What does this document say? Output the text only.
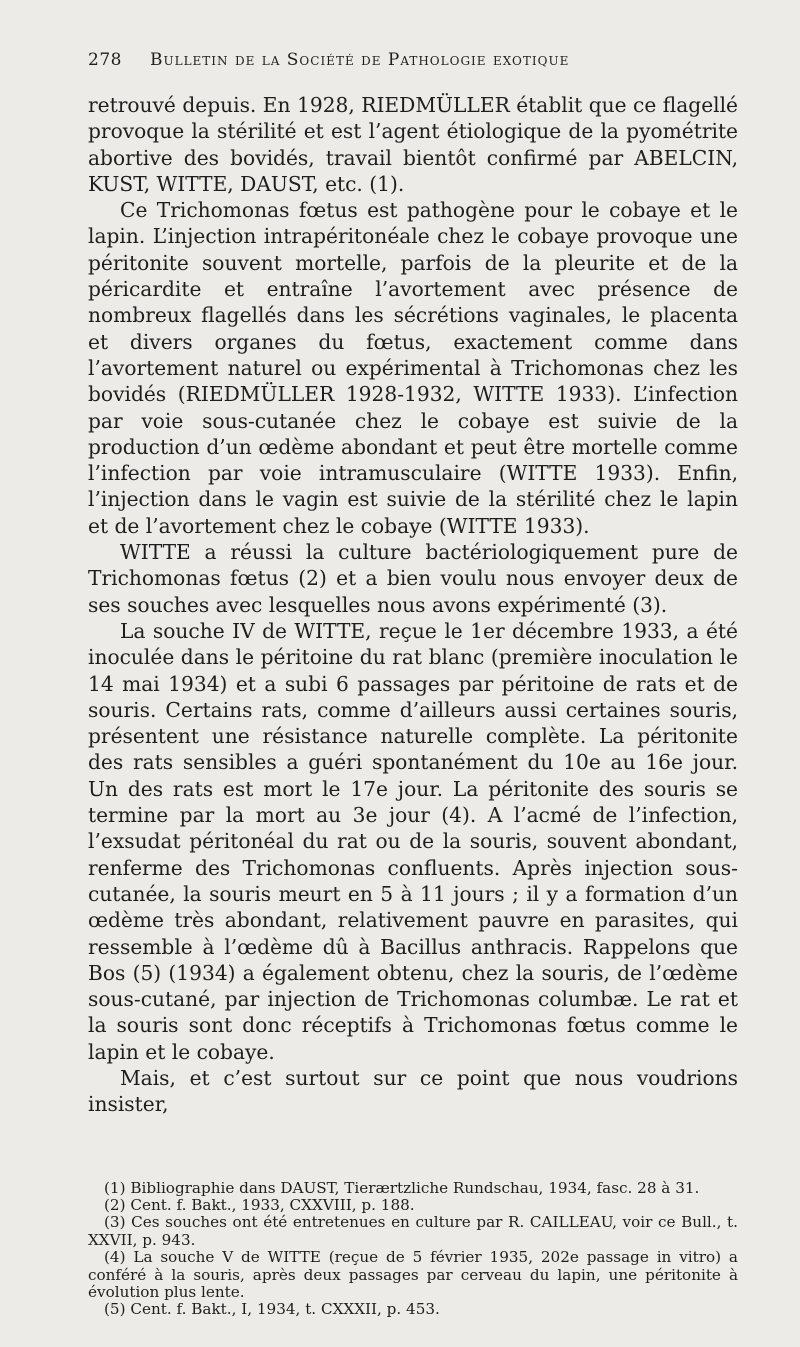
278	Bulletin de la Société de Pathologie exotique

retrouvé depuis. En 1928, RIEDMÜLLER établit que ce flagellé provoque la stérilité et est l’agent étiologique de la pyométrite abortive des bovidés, travail bientôt confirmé par ABELCIN, KUST, WITTE, DAUST, etc. (1).

Ce Trichomonas fœtus est pathogène pour le cobaye et le lapin. L’injection intrapéritonéale chez le cobaye provoque une péritonite souvent mortelle, parfois de la pleurite et de la péricardite et entraîne l’avortement avec présence de nombreux flagellés dans les sécrétions vaginales, le placenta et divers organes du fœtus, exactement comme dans l’avortement naturel ou expérimental à Trichomonas chez les bovidés (RIEDMÜLLER 1928-1932, WITTE 1933). L’infection par voie sous-cutanée chez le cobaye est suivie de la production d’un œdème abondant et peut être mortelle comme l’infection par voie intramusculaire (WITTE 1933). Enfin, l’injection dans le vagin est suivie de la stérilité chez le lapin et de l’avortement chez le cobaye (WITTE 1933).

WITTE a réussi la culture bactériologiquement pure de Trichomonas fœtus (2) et a bien voulu nous envoyer deux de ses souches avec lesquelles nous avons expérimenté (3).

La souche IV de WITTE, reçue le 1er décembre 1933, a été inoculée dans le péritoine du rat blanc (première inoculation le 14 mai 1934) et a subi 6 passages par péritoine de rats et de souris. Certains rats, comme d’ailleurs aussi certaines souris, présentent une résistance naturelle complète. La péritonite des rats sensibles a guéri spontanément du 10e au 16e jour. Un des rats est mort le 17e jour. La péritonite des souris se termine par la mort au 3e jour (4). A l’acmé de l’infection, l’exsudat péritonéal du rat ou de la souris, souvent abondant, renferme des Trichomonas confluents. Après injection sous-cutanée, la souris meurt en 5 à 11 jours ; il y a formation d’un œdème très abondant, relativement pauvre en parasites, qui ressemble à l’œdème dû à Bacillus anthracis. Rappelons que Bos (5) (1934) a également obtenu, chez la souris, de l’œdème sous-cutané, par injection de Trichomonas columbæ. Le rat et la souris sont donc réceptifs à Trichomonas fœtus comme le lapin et le cobaye.

Mais, et c’est surtout sur ce point que nous voudrions insister,

(1) Bibliographie dans DAUST, Tierærtzliche Rundschau, 1934, fasc. 28 à 31.

(2) Cent. f. Bakt., 1933, CXXVIII, p. 188.

(3) Ces souches ont été entretenues en culture par R. CAILLEAU, voir ce Bull., t. XXVII, p. 943.

(4) La souche V de WITTE (reçue de 5 février 1935, 202e passage in vitro) a conféré à la souris, après deux passages par cerveau du lapin, une péritonite à évolution plus lente.

(5) Cent. f. Bakt., I, 1934, t. CXXXII, p. 453.
